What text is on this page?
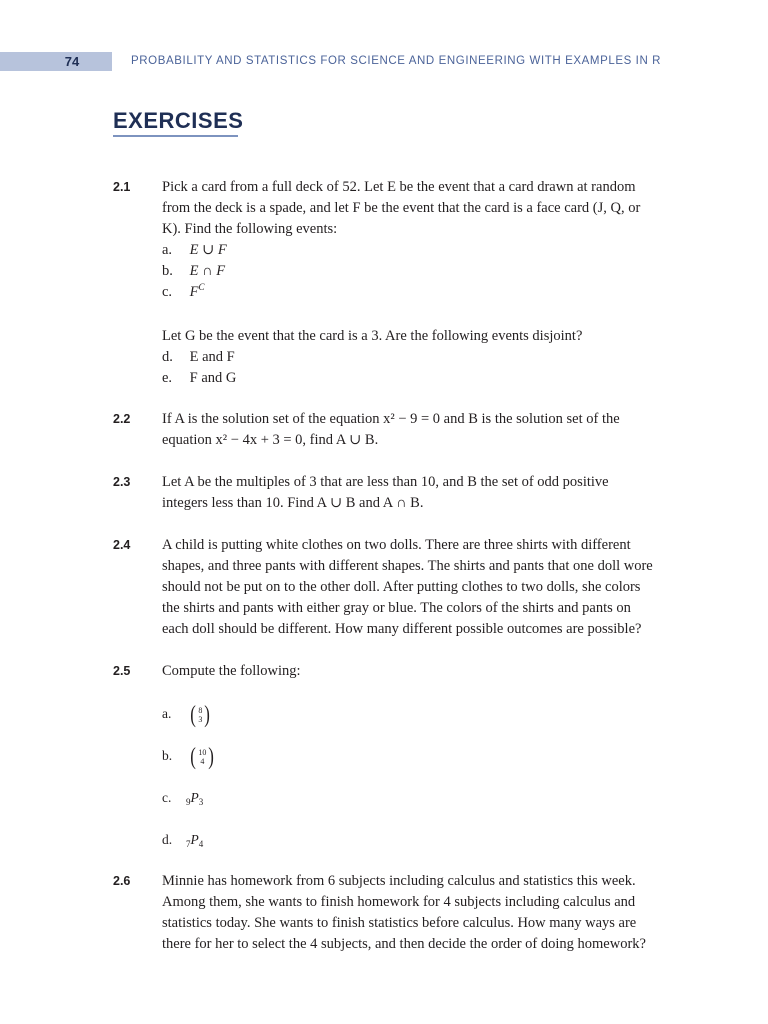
74	PROBABILITY AND STATISTICS FOR SCIENCE AND ENGINEERING WITH EXAMPLES IN R
EXERCISES
2.1 Pick a card from a full deck of 52. Let E be the event that a card drawn at random
from the deck is a spade, and let F be the event that the card is a face card (J, Q, or
K). Find the following events:
a. E ∪ F
b. E ∩ F
c. $F^C$
Let G be the event that the card is a 3. Are the following events disjoint?
d. E and F
e. F and G
2.2 If A is the solution set of the equation x² − 9 = 0 and B is the solution set of the
equation x² − 4x + 3 = 0, find A ∪ B.
2.3 Let A be the multiples of 3 that are less than 10, and B the set of odd positive
integers less than 10. Find A ∪ B and A ∩ B.
2.4 A child is putting white clothes on two dolls. There are three shirts with different
shapes, and three pants with different shapes. The shirts and pants that one doll wore
should not be put on to the other doll. After putting clothes to two dolls, she colors
the shirts and pants with either gray or blue. The colors of the shirts and pants on
each doll should be different. How many different possible outcomes are possible?
2.5 Compute the following:
a. ( 8
3 )
b. ( 10
4 )
c. $_9P_3$
d. $_7P_4$
2.6 Minnie has homework from 6 subjects including calculus and statistics this week.
Among them, she wants to finish homework for 4 subjects including calculus and
statistics today. She wants to finish statistics before calculus. How many ways are
there for her to select the 4 subjects, and then decide the order of doing homework?
